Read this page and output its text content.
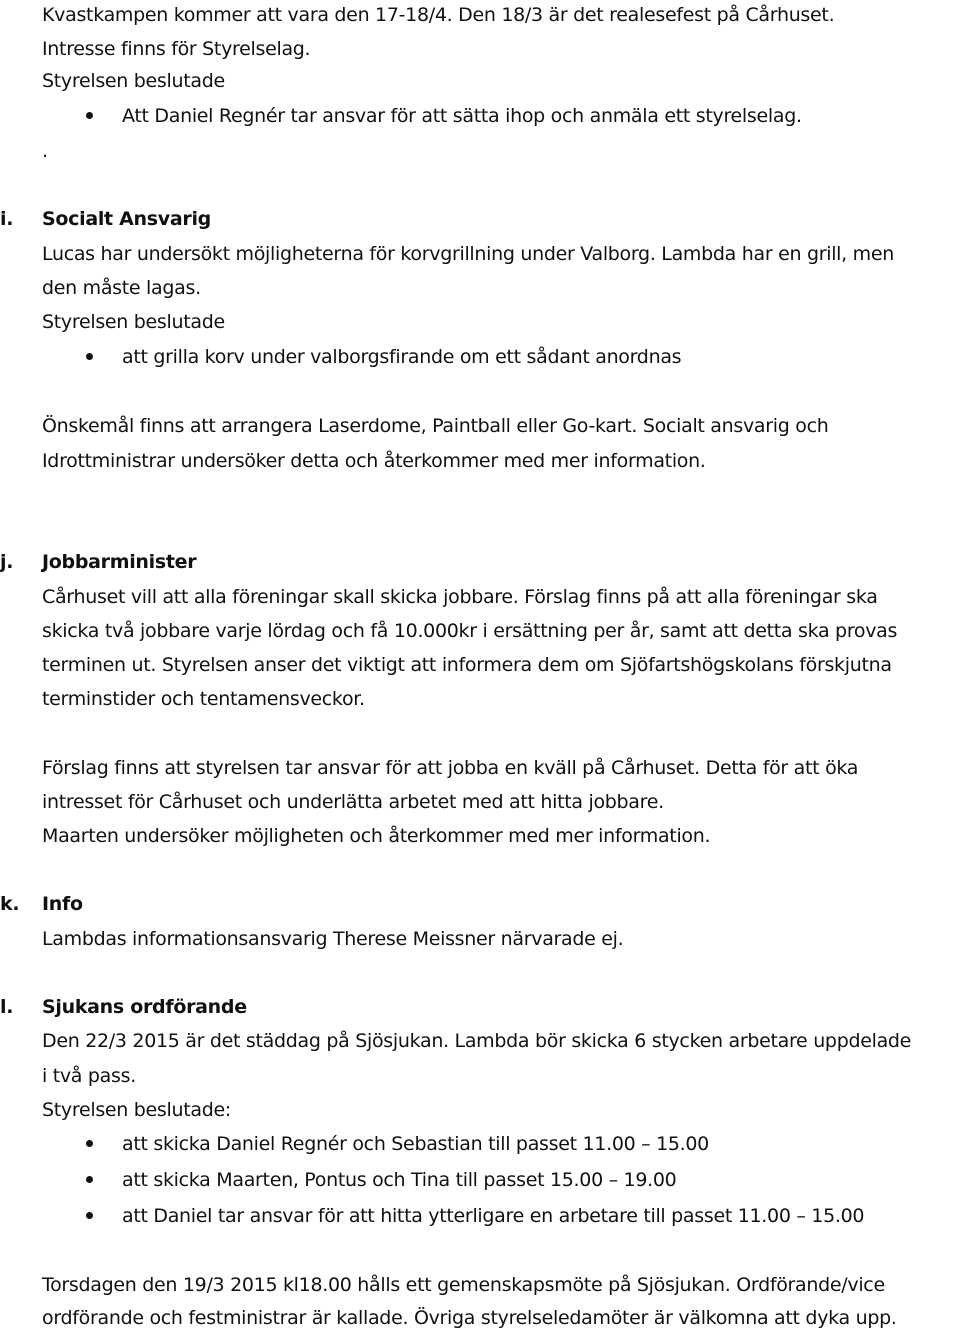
Kvastkampen kommer att vara den 17-18/4. Den 18/3 är det realesefest på Cårhuset.
Intresse finns för Styrelselag.
Styrelsen beslutade
Att Daniel Regnér tar ansvar för att sätta ihop och anmäla ett styrelselag.
.
i. Socialt Ansvarig
Lucas har undersökt möjligheterna för korvgrillning under Valborg. Lambda har en grill, men
den måste lagas.
Styrelsen beslutade
att grilla korv under valborgsfirande om ett sådant anordnas
Önskemål finns att arrangera Laserdome, Paintball eller Go-kart. Socialt ansvarig och
Idrottministrar undersöker detta och återkommer med mer information.
j. Jobbarminister
Cårhuset vill att alla föreningar skall skicka jobbare. Förslag finns på att alla föreningar ska
skicka två jobbare varje lördag och få 10.000kr i ersättning per år, samt att detta ska provas
terminen ut. Styrelsen anser det viktigt att informera dem om Sjöfartshögskolans förskjutna
terminstider och tentamensveckor.
Förslag finns att styrelsen tar ansvar för att jobba en kväll på Cårhuset. Detta för att öka
intresset för Cårhuset och underlätta arbetet med att hitta jobbare.
Maarten undersöker möjligheten och återkommer med mer information.
k. Info
Lambdas informationsansvarig Therese Meissner närvarade ej.
l. Sjukans ordförande
Den 22/3 2015 är det städdag på Sjösjukan. Lambda bör skicka 6 stycken arbetare uppdelade
i två pass.
Styrelsen beslutade:
att skicka Daniel Regnér och Sebastian till passet 11.00 – 15.00
att skicka Maarten, Pontus och Tina till passet 15.00 – 19.00
att Daniel tar ansvar för att hitta ytterligare en arbetare till passet 11.00 – 15.00
Torsdagen den 19/3 2015 kl18.00 hålls ett gemenskapsmöte på Sjösjukan. Ordförande/vice
ordförande och festministrar är kallade. Övriga styrelseledamöter är välkomna att dyka upp.
